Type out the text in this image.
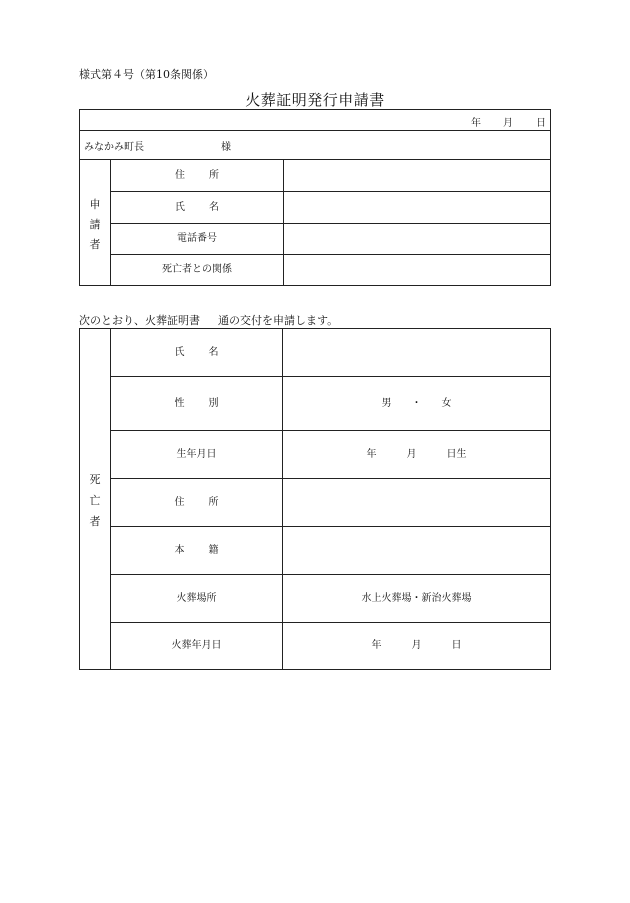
様式第４号（第10条関係）
火葬証明発行申請書
年 月 日
みなかみ町長	様
申
請
者
住 所
氏 名
電話番号
死亡者との関係
次のとおり、火葬証明書 通の交付を申請します。
死
亡
者
氏 名
性 別
生年月日
住 所
本 籍
火葬場所
火葬年月日
男　　・　　女
年　　　月　　　日生
水上火葬場・新治火葬場
年　　　月　　　日
